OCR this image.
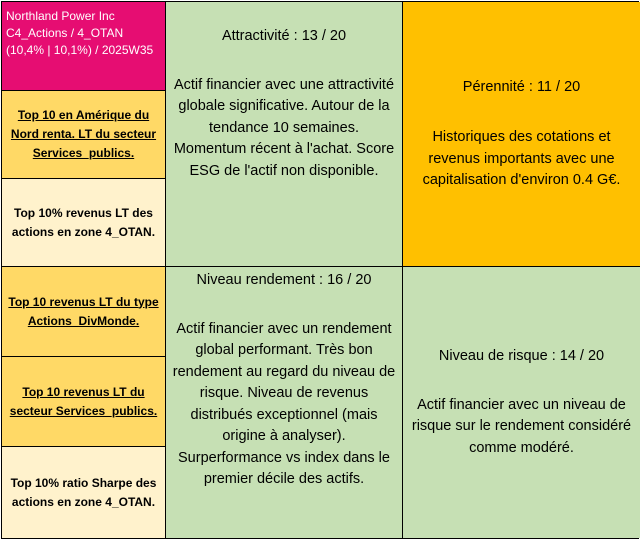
Northland Power Inc
C4_Actions / 4_OTAN
(10,4% | 10,1%) / 2025W35
Top 10 en Amérique du Nord renta. LT du secteur Services_publics.
Top 10% revenus LT des actions en zone 4_OTAN.
Top 10 revenus LT du type Actions_DivMonde.
Top 10 revenus LT du secteur Services_publics.
Top 10% ratio Sharpe des actions en zone 4_OTAN.
Attractivité : 13 / 20
Actif financier avec une attractivité globale significative. Autour de la tendance 10 semaines. Momentum récent à l'achat. Score ESG de l'actif non disponible.
Pérennité : 11 / 20
Historiques des cotations et revenus importants avec une capitalisation d'environ 0.4 G€.
Niveau rendement : 16 / 20
Actif financier avec un rendement global performant. Très bon rendement au regard du niveau de risque. Niveau de revenus distribués exceptionnel (mais origine à analyser). Surperformance vs index dans le premier décile des actifs.
Niveau de risque : 14 / 20
Actif financier avec un niveau de risque sur le rendement considéré comme modéré.
